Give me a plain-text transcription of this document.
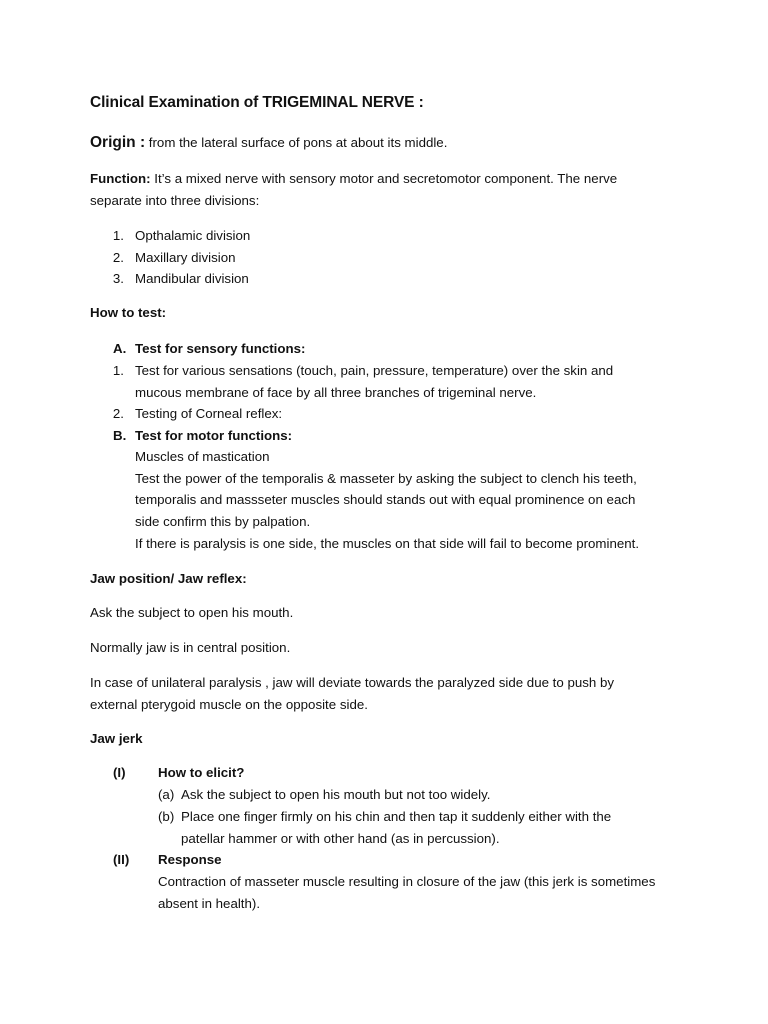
Clinical Examination of TRIGEMINAL NERVE :
Origin : from the lateral surface of pons at about its middle.
Function: It’s a mixed nerve with sensory motor and secretomotor component. The nerve
separate into three divisions:
1. Opthalamic division
2. Maxillary division
3. Mandibular division
How to test:
A. Test for sensory functions:
1. Test for various sensations (touch, pain, pressure, temperature) over the skin and
mucous membrane of face by all three branches of trigeminal nerve.
2. Testing of Corneal reflex:
B. Test for motor functions:
Muscles of mastication
Test the power of the temporalis & masseter by asking the subject to clench his teeth,
temporalis and massseter muscles should stands out with equal prominence on each
side confirm this by palpation.
If there is paralysis is one side, the muscles on that side will fail to become prominent.
Jaw position/ Jaw reflex:
Ask the subject to open his mouth.
Normally jaw is in central position.
In case of unilateral paralysis , jaw will deviate towards the paralyzed side due to push by
external pterygoid muscle on the opposite side.
Jaw jerk
(I) How to elicit?
(a) Ask the subject to open his mouth but not too widely.
(b) Place one finger firmly on his chin and then tap it suddenly either with the
patellar hammer or with other hand (as in percussion).
(II) Response
Contraction of masseter muscle resulting in closure of the jaw (this jerk is sometimes
absent in health).
